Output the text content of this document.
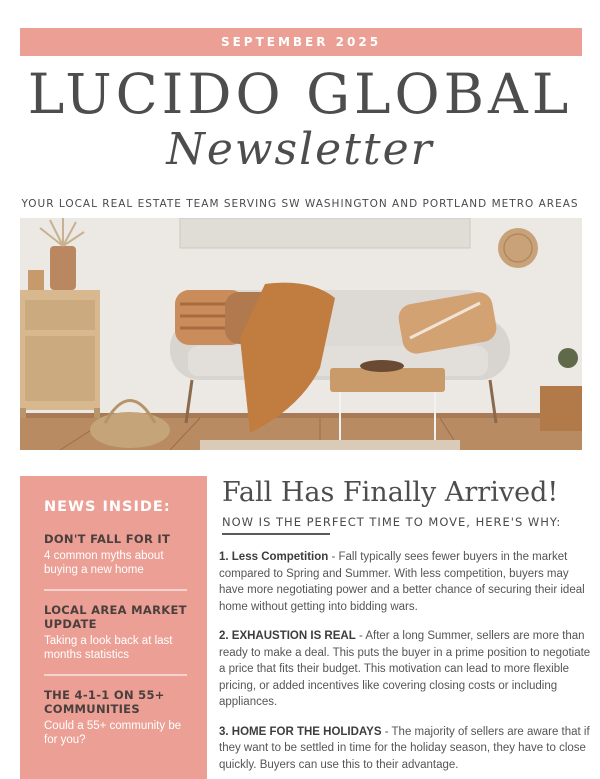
SEPTEMBER 2025
LUCIDO GLOBAL
Newsletter
YOUR LOCAL REAL ESTATE TEAM SERVING SW WASHINGTON AND PORTLAND METRO AREAS
NEWS INSIDE:
DON'T FALL FOR IT
4 common myths about buying a new home
LOCAL AREA MARKET UPDATE
Taking a look back at last months statistics
THE 4-1-1 ON 55+ COMMUNITIES
Could a 55+ community be for you?
Fall Has Finally Arrived!
NOW IS THE PERFECT TIME TO MOVE, HERE'S WHY:

1. Less Competition - Fall typically sees fewer buyers in the market compared to Spring and Summer. With less competition, buyers may have more negotiating power and a better chance of securing their ideal home without getting into bidding wars.

2. EXHAUSTION IS REAL - After a long Summer, sellers are more than ready to make a deal. This puts the buyer in a prime position to negotiate a price that fits their budget. This motivation can lead to more flexible pricing, or added incentives like covering closing costs or including appliances.

3. HOME FOR THE HOLIDAYS - The majority of sellers are aware that if they want to be settled in time for the holiday season, they have to close quickly. Buyers can use this to their advantage.
